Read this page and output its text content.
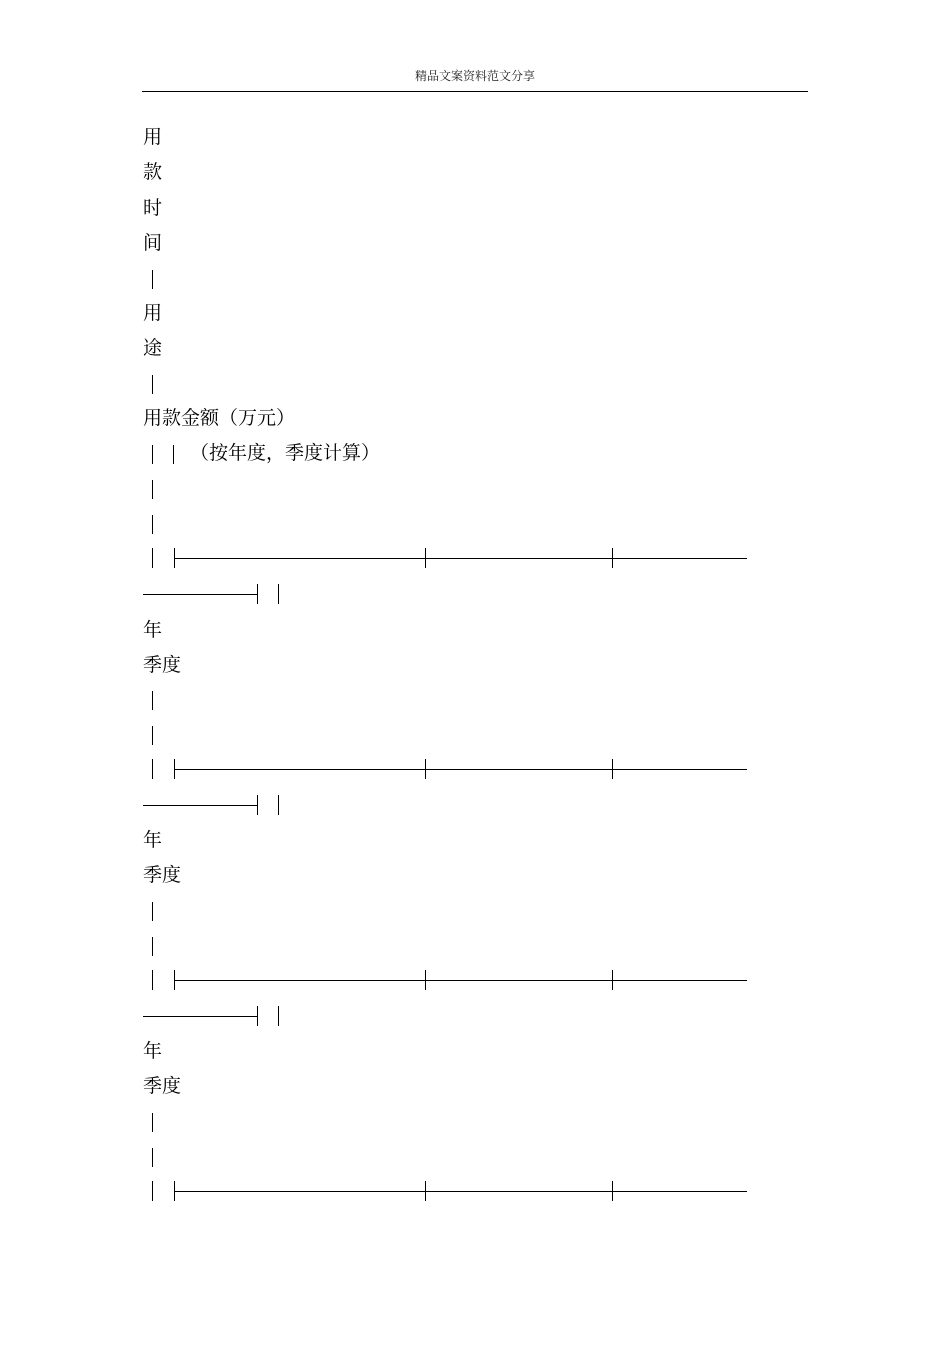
精品文案资料范文分享
用
款
时
间
用
途
用款金额（万元）
（按年度，季度计算）
年
季度
年
季度
年
季度
